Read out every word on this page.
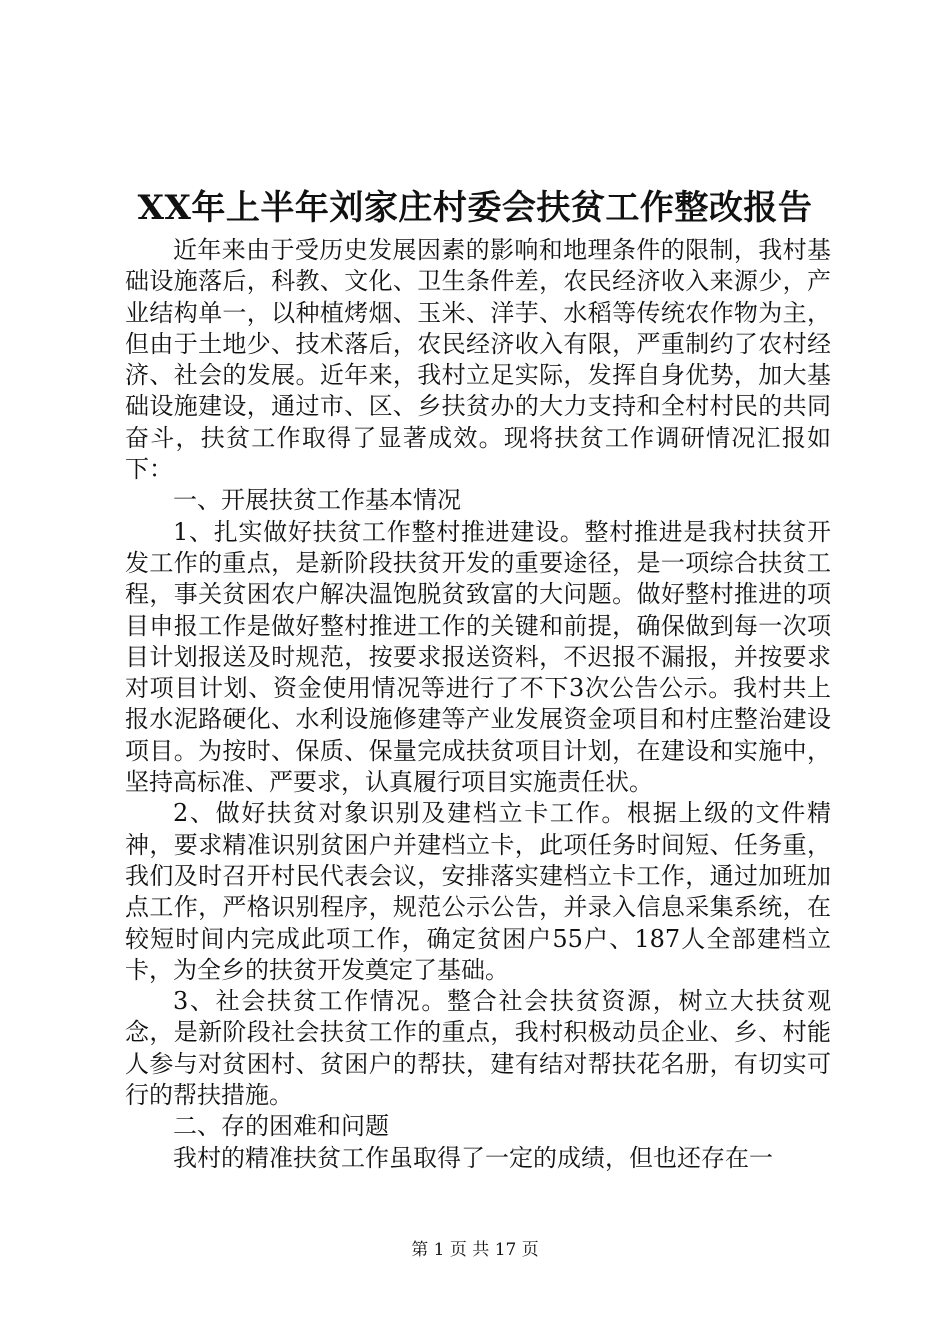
XX年上半年刘家庄村委会扶贫工作整改报告

近年来由于受历史发展因素的影响和地理条件的限制，我村基础设施落后，科教、文化、卫生条件差，农民经济收入来源少，产业结构单一，以种植烤烟、玉米、洋芋、水稻等传统农作物为主，但由于土地少、技术落后，农民经济收入有限，严重制约了农村经济、社会的发展。近年来，我村立足实际，发挥自身优势，加大基础设施建设，通过市、区、乡扶贫办的大力支持和全村村民的共同奋斗，扶贫工作取得了显著成效。现将扶贫工作调研情况汇报如下：

一、开展扶贫工作基本情况

1、扎实做好扶贫工作整村推进建设。整村推进是我村扶贫开发工作的重点，是新阶段扶贫开发的重要途径，是一项综合扶贫工程，事关贫困农户解决温饱脱贫致富的大问题。做好整村推进的项目申报工作是做好整村推进工作的关键和前提，确保做到每一次项目计划报送及时规范，按要求报送资料，不迟报不漏报，并按要求对项目计划、资金使用情况等进行了不下3次公告公示。我村共上报水泥路硬化、水利设施修建等产业发展资金项目和村庄整治建设项目。为按时、保质、保量完成扶贫项目计划，在建设和实施中，坚持高标准、严要求，认真履行项目实施责任状。

2、做好扶贫对象识别及建档立卡工作。根据上级的文件精神，要求精准识别贫困户并建档立卡，此项任务时间短、任务重，我们及时召开村民代表会议，安排落实建档立卡工作，通过加班加点工作，严格识别程序，规范公示公告，并录入信息采集系统，在较短时间内完成此项工作，确定贫困户55户、187人全部建档立卡，为全乡的扶贫开发奠定了基础。

3、社会扶贫工作情况。整合社会扶贫资源，树立大扶贫观念，是新阶段社会扶贫工作的重点，我村积极动员企业、乡、村能人参与对贫困村、贫困户的帮扶，建有结对帮扶花名册，有切实可行的帮扶措施。

二、存的困难和问题

我村的精准扶贫工作虽取得了一定的成绩，但也还存在一

第 1 页 共 17 页
